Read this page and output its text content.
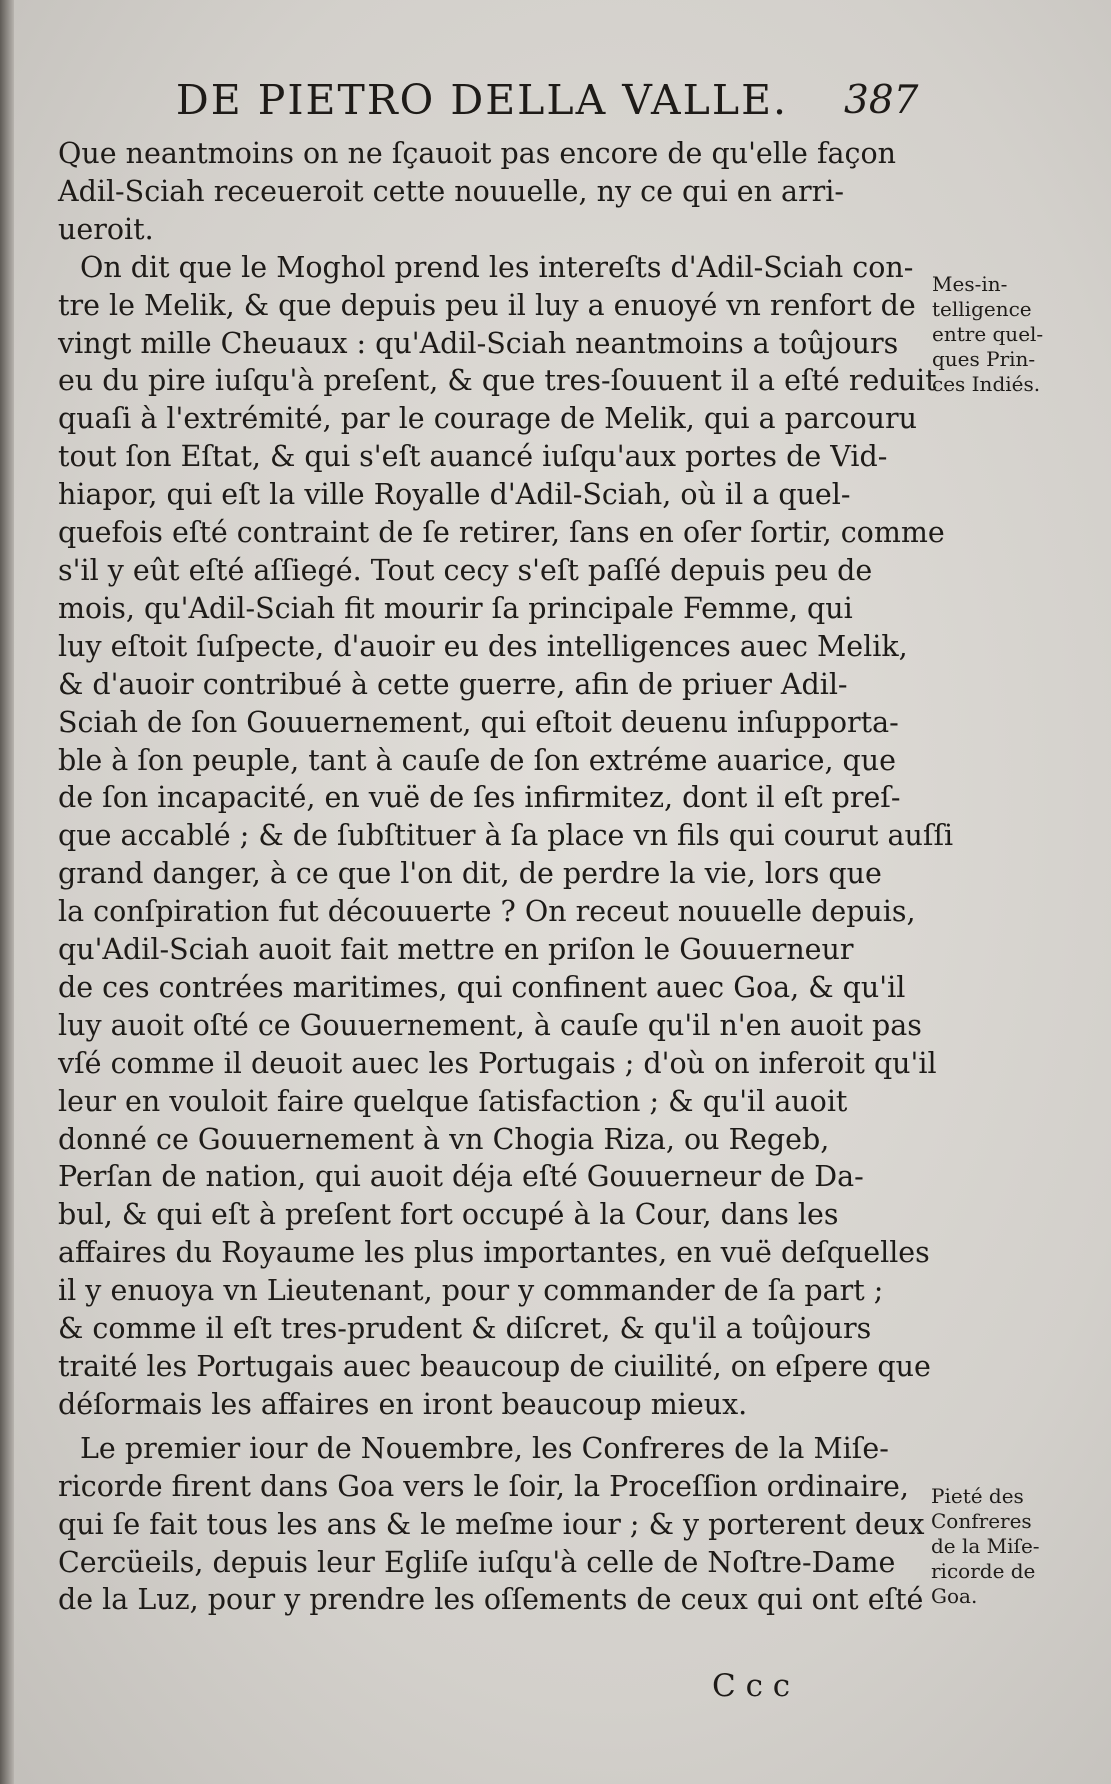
DE PIETRO DELLA VALLE.	387
Que neantmoins on ne ſçauoit pas encore de qu'elle façon
Adil-Sciah receueroit cette nouuelle, ny ce qui en arri-
ueroit.
On dit que le Moghol prend les intereſts d'Adil-Sciah con-
tre le Melik, & que depuis peu il luy a enuoyé vn renfort de
vingt mille Cheuaux : qu'Adil-Sciah neantmoins a toûjours
eu du pire iuſqu'à preſent, & que tres-ſouuent il a eſté reduit
quaſi à l'extrémité, par le courage de Melik, qui a parcouru
tout ſon Eſtat, & qui s'eſt auancé iuſqu'aux portes de Vid-
hiapor, qui eſt la ville Royalle d'Adil-Sciah, où il a quel-
quefois eſté contraint de ſe retirer, ſans en oſer ſortir, comme
s'il y eût eſté aſſiegé. Tout cecy s'eſt paſſé depuis peu de
mois, qu'Adil-Sciah fit mourir ſa principale Femme, qui
luy eſtoit ſuſpecte, d'auoir eu des intelligences auec Melik,
& d'auoir contribué à cette guerre, afin de priuer Adil-
Sciah de ſon Gouuernement, qui eſtoit deuenu inſupporta-
ble à ſon peuple, tant à cauſe de ſon extréme auarice, que
de ſon incapacité, en vuë de ſes infirmitez, dont il eſt preſ-
que accablé ; & de ſubſtituer à ſa place vn fils qui courut auſſi
grand danger, à ce que l'on dit, de perdre la vie, lors que
la conſpiration fut découuerte ? On receut nouuelle depuis,
qu'Adil-Sciah auoit fait mettre en priſon le Gouuerneur
de ces contrées maritimes, qui confinent auec Goa, & qu'il
luy auoit oſté ce Gouuernement, à cauſe qu'il n'en auoit pas
vſé comme il deuoit auec les Portugais ; d'où on inferoit qu'il
leur en vouloit faire quelque ſatisfaction ; & qu'il auoit
donné ce Gouuernement à vn Chogia Riza, ou Regeb,
Perſan de nation, qui auoit déja eſté Gouuerneur de Da-
bul, & qui eſt à preſent fort occupé à la Cour, dans les
affaires du Royaume les plus importantes, en vuë deſquelles
il y enuoya vn Lieutenant, pour y commander de ſa part ;
& comme il eſt tres-prudent & diſcret, & qu'il a toûjours
traité les Portugais auec beaucoup de ciuilité, on eſpere que
déſormais les affaires en iront beaucoup mieux.
Le premier iour de Nouembre, les Confreres de la Miſe-
ricorde firent dans Goa vers le ſoir, la Proceſſion ordinaire,
qui ſe fait tous les ans & le meſme iour ; & y porterent deux
Cercüeils, depuis leur Egliſe iuſqu'à celle de Noſtre-Dame
de la Luz, pour y prendre les oſſements de ceux qui ont eſté
Mes-in-
telligence
entre quel-
ques Prin-
ces Indiés.
Pieté des
Confreres
de la Miſe-
ricorde de
Goa.
C c c
